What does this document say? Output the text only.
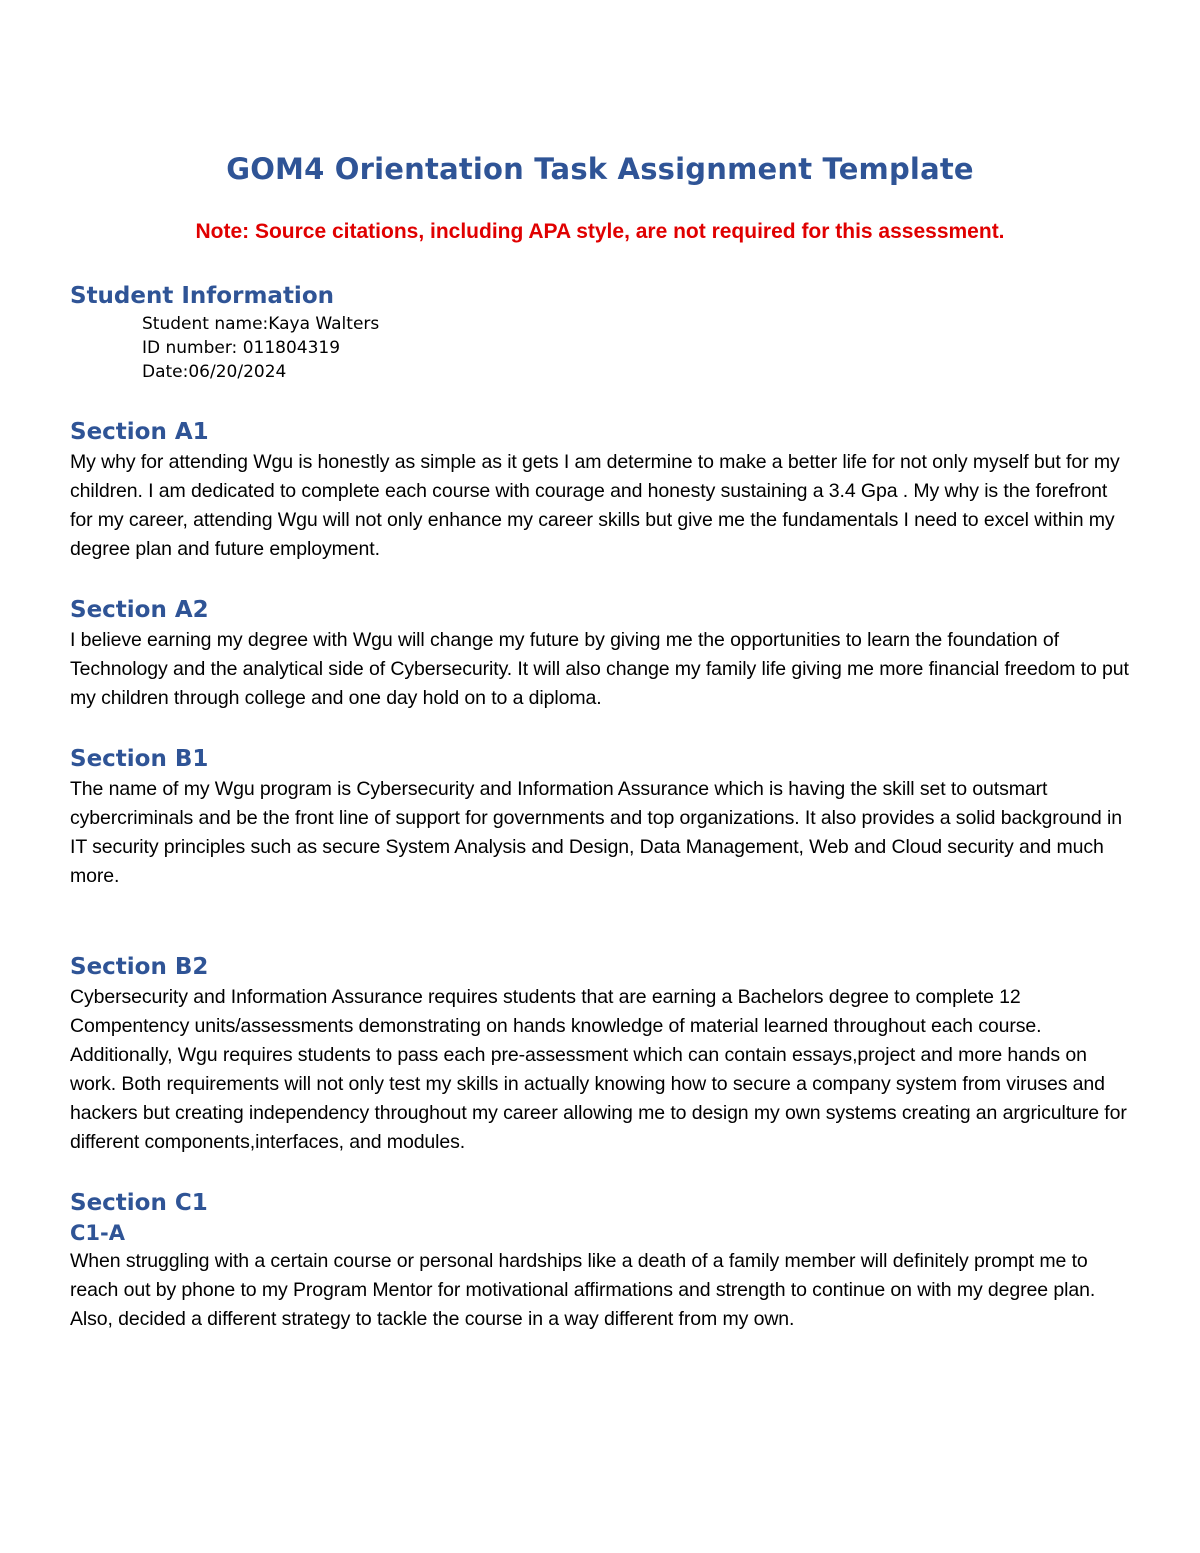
GOM4 Orientation Task Assignment Template

Note: Source citations, including APA style, are not required for this assessment.

Student Information
Student name:Kaya Walters
ID number: 011804319
Date:06/20/2024
Section A1

My why for attending Wgu is honestly as simple as it gets I am determine to make a better life for not only myself but for my children. I am dedicated to complete each course with courage and honesty sustaining a 3.4 Gpa . My why is the forefront for my career, attending Wgu will not only enhance my career skills but give me the fundamentals I need to excel within my degree plan and future employment.

Section A2

I believe earning my degree with Wgu will change my future by giving me the opportunities to learn the foundation of Technology and the analytical side of Cybersecurity. It will also change my family life giving me more financial freedom to put my children through college and one day hold on to a diploma.

Section B1

The name of my Wgu program is Cybersecurity and Information Assurance which is having the skill set to outsmart cybercriminals and be the front line of support for governments and top organizations. It also provides a solid background in IT security principles such as secure System Analysis and Design, Data Management, Web and Cloud security and much more.

Section B2

Cybersecurity and Information Assurance requires students that are earning a Bachelors degree to complete 12 Compentency units/assessments demonstrating on hands knowledge of material learned throughout each course. Additionally, Wgu requires students to pass each pre-assessment which can contain essays,project and more hands on work. Both requirements will not only test my skills in actually knowing how to secure a company system from viruses and hackers but creating independency throughout my career allowing me to design my own systems creating an argriculture for different components,interfaces, and modules.

Section C1
C1-A

When struggling with a certain course or personal hardships like a death of a family member will definitely prompt me to reach out by phone to my Program Mentor for motivational affirmations and strength to continue on with my degree plan. Also, decided a different strategy to tackle the course in a way different from my own.
